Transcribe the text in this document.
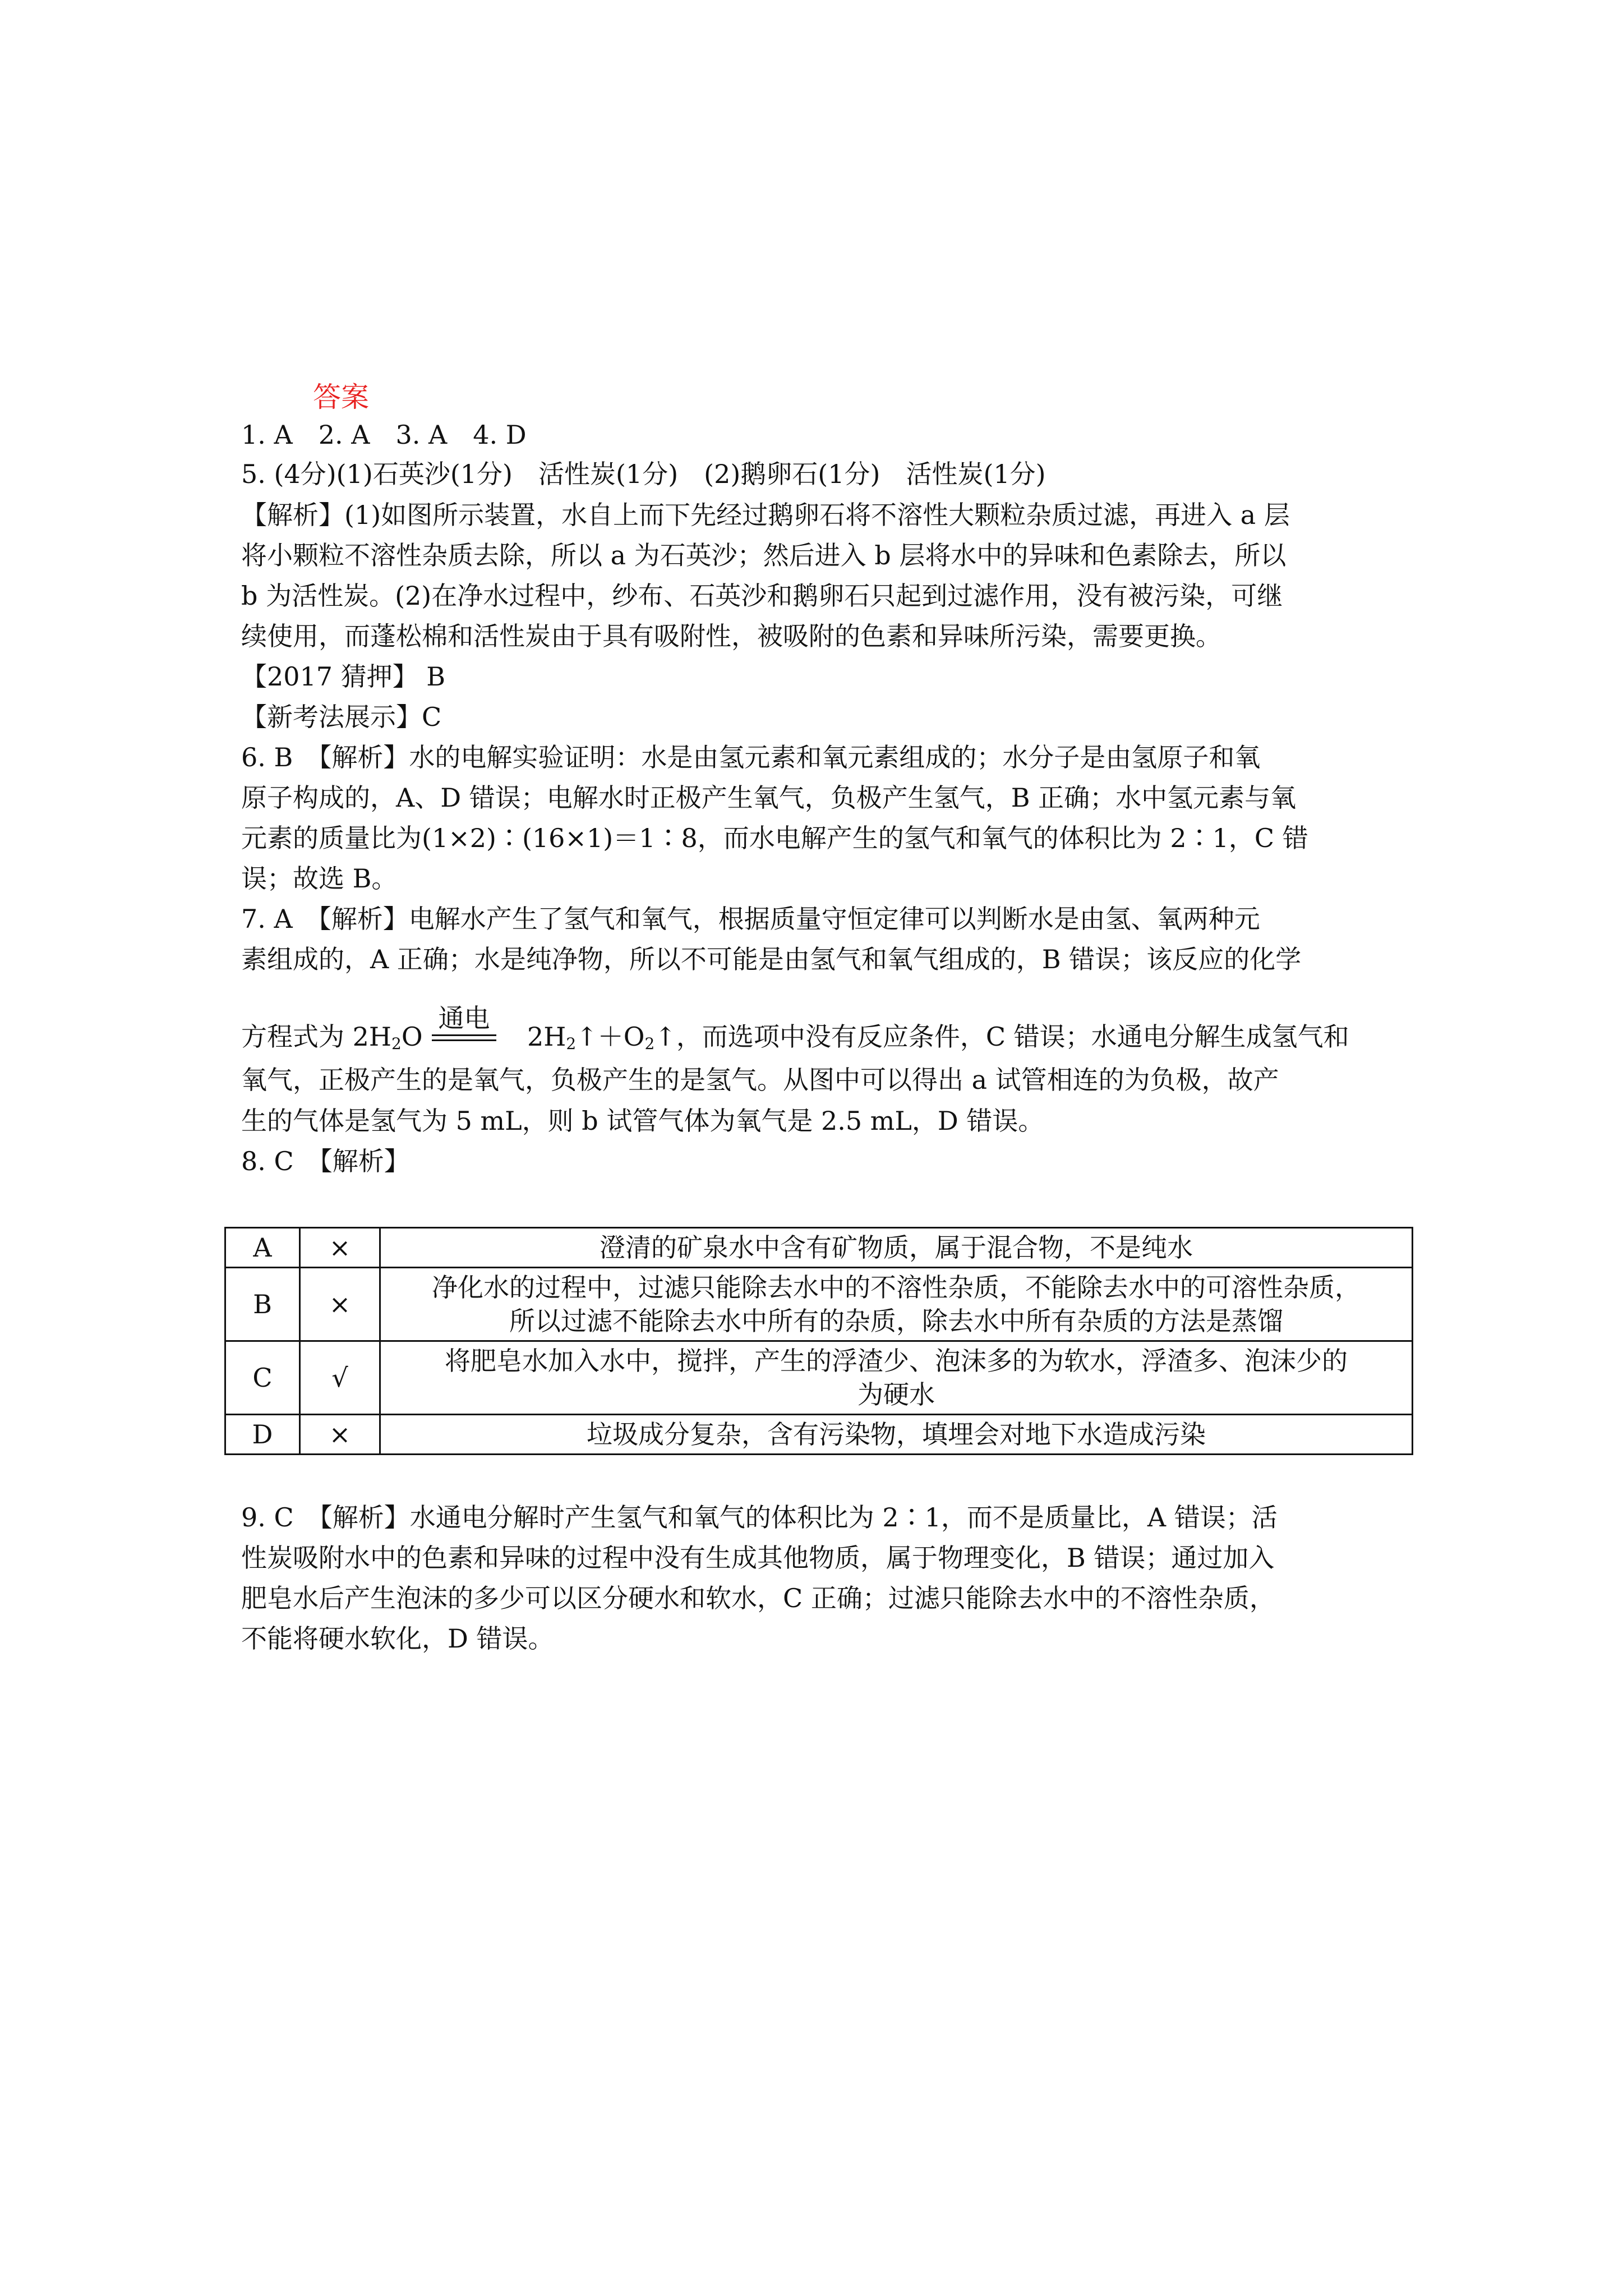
答案
1. A　2. A　3. A　4. D
5. (4分)(1)石英沙(1分)　活性炭(1分)　(2)鹅卵石(1分)　活性炭(1分)
【解析】(1)如图所示装置，水自上而下先经过鹅卵石将不溶性大颗粒杂质过滤，再进入 a 层
将小颗粒不溶性杂质去除，所以 a 为石英沙；然后进入 b 层将水中的异味和色素除去，所以
b 为活性炭。(2)在净水过程中，纱布、石英沙和鹅卵石只起到过滤作用，没有被污染，可继
续使用，而蓬松棉和活性炭由于具有吸附性，被吸附的色素和异味所污染，需要更换。
【2017 猜押】 B
【新考法展示】C
6. B　【解析】水的电解实验证明：水是由氢元素和氧元素组成的；水分子是由氢原子和氧
原子构成的，A、D 错误；电解水时正极产生氧气，负极产生氢气，B 正确；水中氢元素与氧
元素的质量比为(1×2)∶(16×1)＝1∶8，而水电解产生的氢气和氧气的体积比为 2∶1，C 错
误；故选 B。
7. A　【解析】电解水产生了氢气和氧气，根据质量守恒定律可以判断水是由氢、氧两种元
素组成的，A 正确；水是纯净物，所以不可能是由氢气和氧气组成的，B 错误；该反应的化学
方程式为 $2H_2O$
通电
$2H_2↑+O_2↑$，而选项中没有反应条件，C 错误；水通电分解生成氢气和
氧气，正极产生的是氧气，负极产生的是氢气。从图中可以得出 a 试管相连的为负极，故产
生的气体是氢气为 5 mL，则 b 试管气体为氧气是 2.5 mL，D 错误。
8. C　【解析】
A	×	澄清的矿泉水中含有矿物质，属于混合物，不是纯水

B	×	净化水的过程中，过滤只能除去水中的不溶性杂质，不能除去水中的可溶性杂质，
所以过滤不能除去水中所有的杂质，除去水中所有杂质的方法是蒸馏

C	√	将肥皂水加入水中，搅拌，产生的浮渣少、泡沫多的为软水，浮渣多、泡沫少的
为硬水

D	×	垃圾成分复杂，含有污染物，填埋会对地下水造成污染
9. C　【解析】水通电分解时产生氢气和氧气的体积比为 2∶1，而不是质量比，A 错误；活
性炭吸附水中的色素和异味的过程中没有生成其他物质，属于物理变化，B 错误；通过加入
肥皂水后产生泡沫的多少可以区分硬水和软水，C 正确；过滤只能除去水中的不溶性杂质，
不能将硬水软化，D 错误。
